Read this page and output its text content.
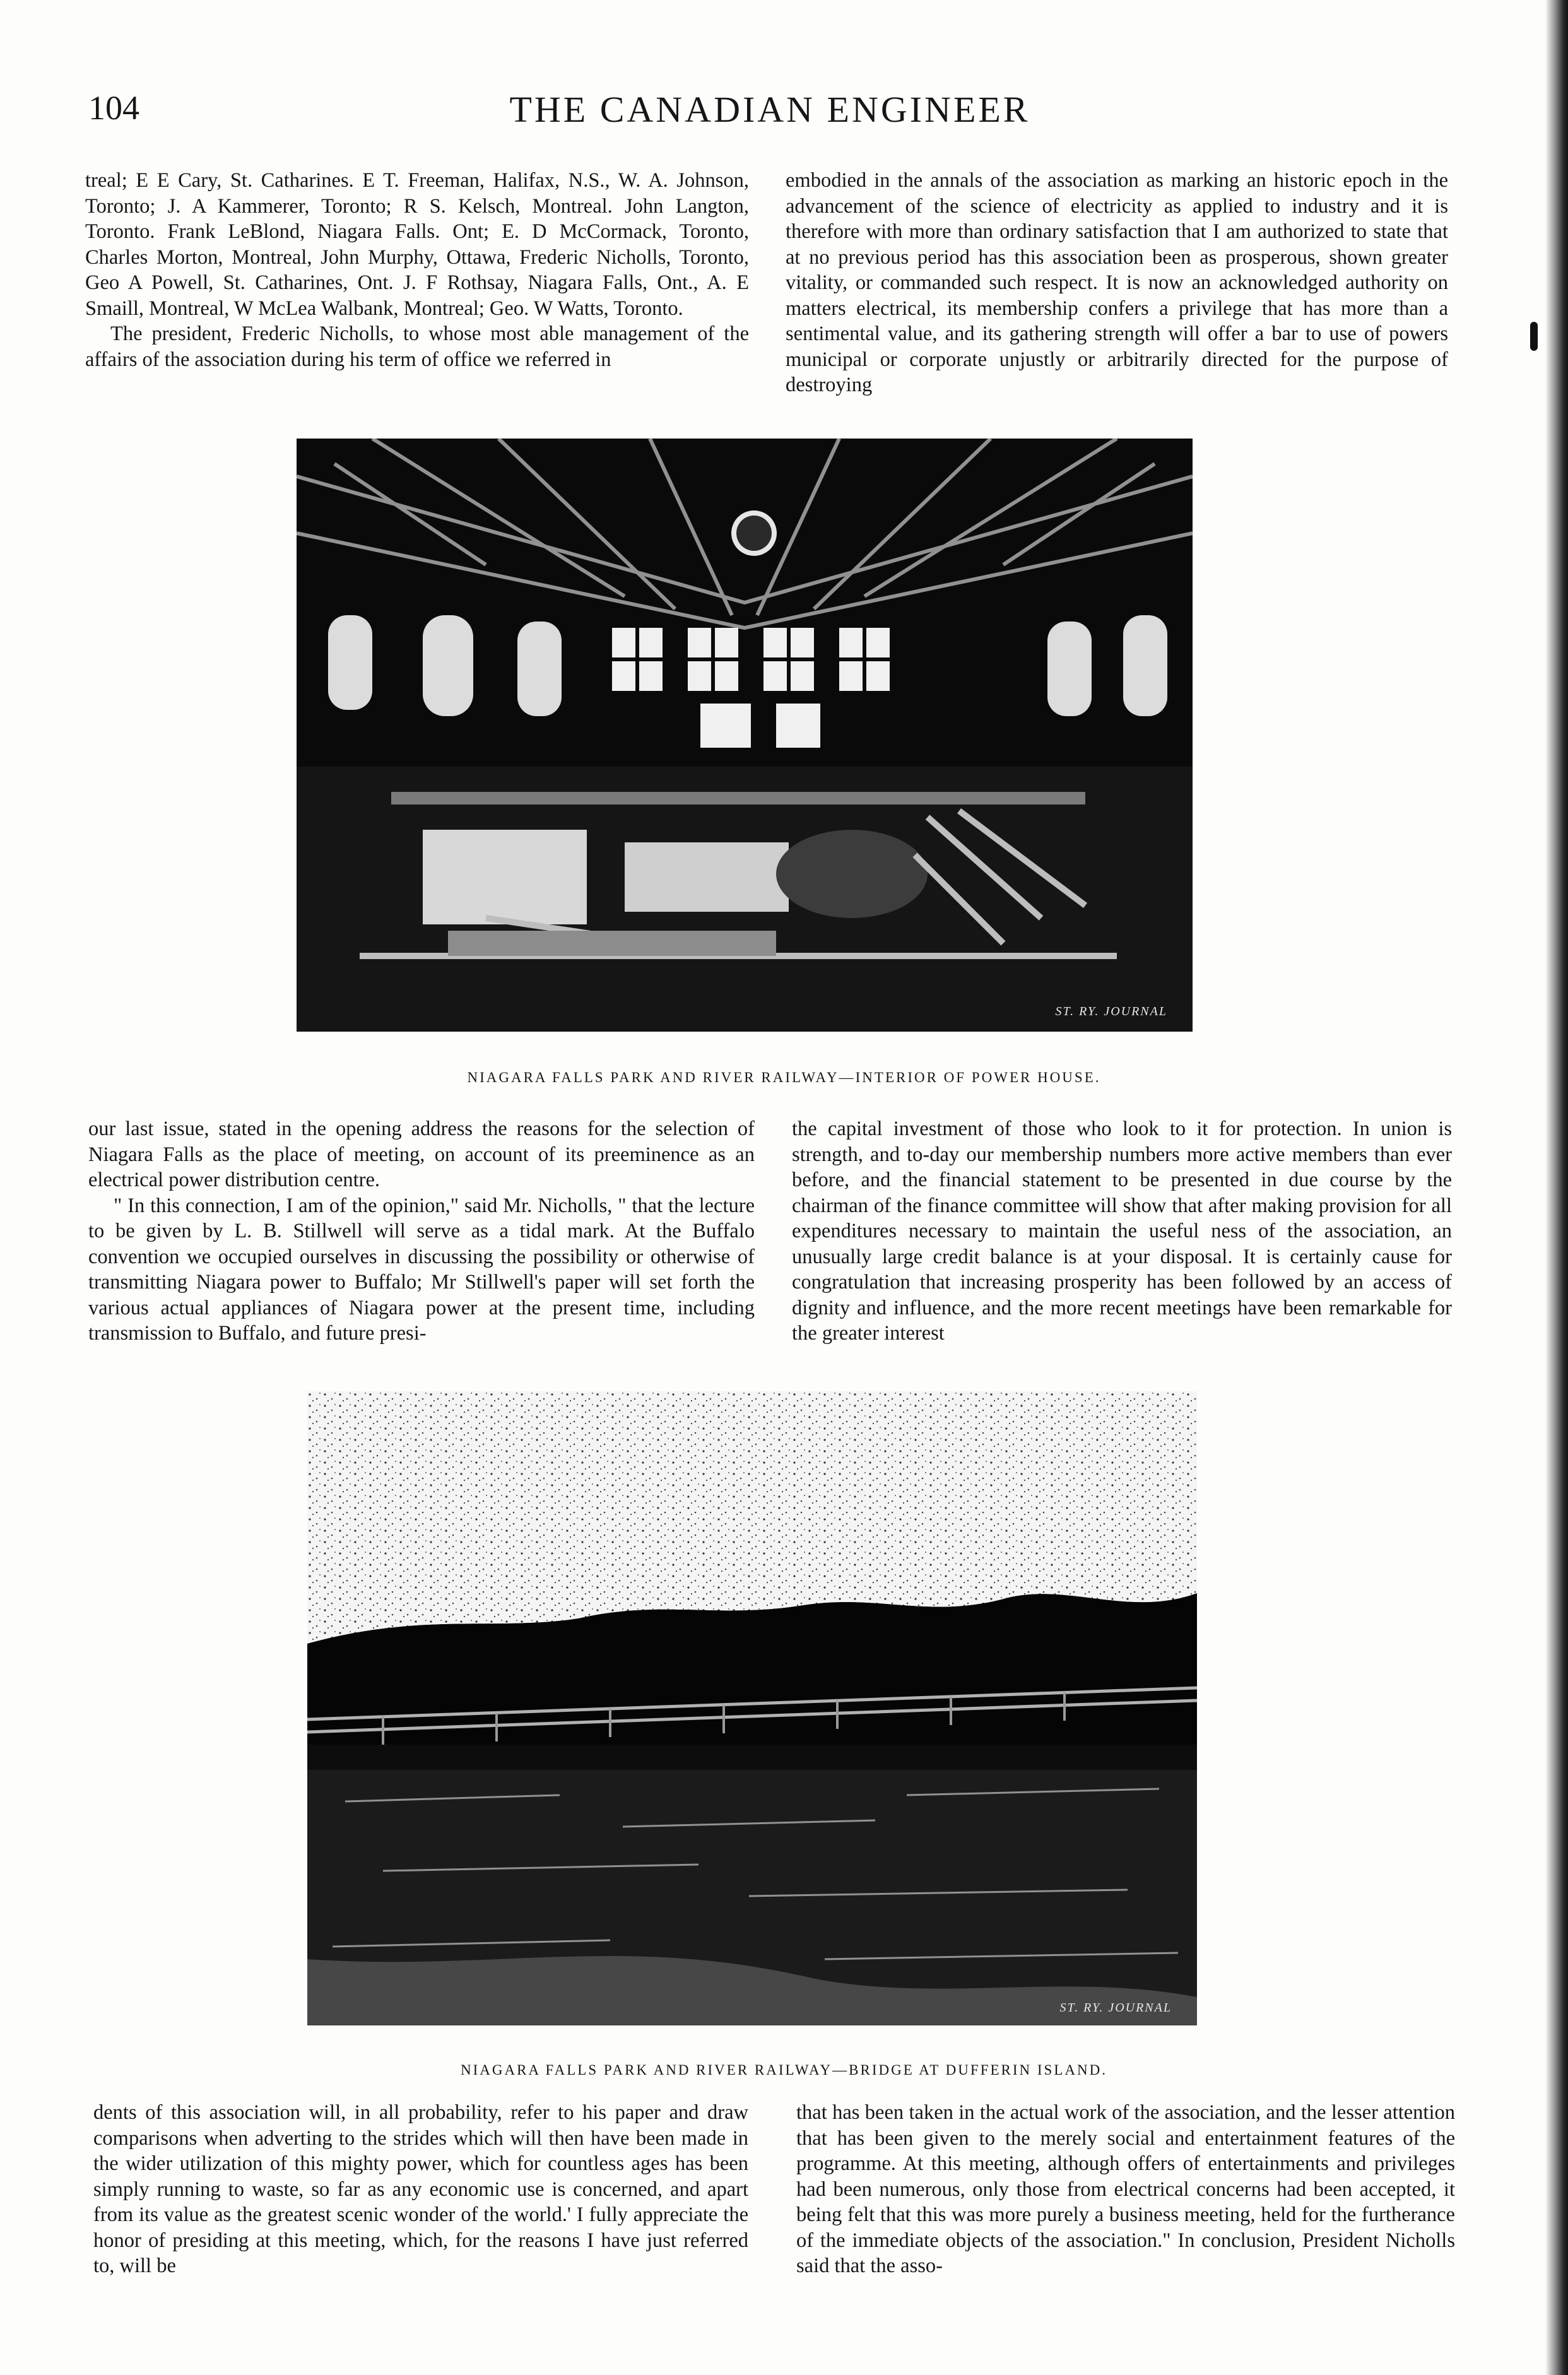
104	THE CANADIAN ENGINEER

treal; E E Cary, St. Catharines. E T. Freeman, Halifax, N.S., W. A. Johnson, Toronto; J. A Kammerer, Toronto; R S. Kelsch, Montreal. John Langton, Toronto. Frank LeBlond, Niagara Falls. Ont; E. D McCormack, Toronto, Charles Morton, Montreal, John Murphy, Ottawa, Frederic Nicholls, Toronto, Geo A Powell, St. Catharines, Ont. J. F Rothsay, Niagara Falls, Ont., A. E Smaill, Montreal, W McLea Walbank, Montreal; Geo. W Watts, Toronto.

The president, Frederic Nicholls, to whose most able management of the affairs of the association during his term of office we referred in

embodied in the annals of the association as marking an historic epoch in the advancement of the science of electricity as applied to industry and it is therefore with more than ordinary satisfaction that I am authorized to state that at no previous period has this association been as prosperous, shown greater vitality, or commanded such respect. It is now an acknowledged authority on matters electrical, its membership confers a privilege that has more than a sentimental value, and its gathering strength will offer a bar to use of powers municipal or corporate unjustly or arbitrarily directed for the purpose of destroying

ST. RY. JOURNAL
NIAGARA FALLS PARK AND RIVER RAILWAY—INTERIOR OF POWER HOUSE.

our last issue, stated in the opening address the reasons for the selection of Niagara Falls as the place of meeting, on account of its preeminence as an electrical power distribution centre.

" In this connection, I am of the opinion," said Mr. Nicholls, " that the lecture to be given by L. B. Stillwell will serve as a tidal mark. At the Buffalo convention we occupied ourselves in discussing the possibility or otherwise of transmitting Niagara power to Buffalo; Mr Stillwell's paper will set forth the various actual appliances of Niagara power at the present time, including transmission to Buffalo, and future presi-

the capital investment of those who look to it for protection. In union is strength, and to-day our membership numbers more active members than ever before, and the financial statement to be presented in due course by the chairman of the finance committee will show that after making provision for all expenditures necessary to maintain the useful ness of the association, an unusually large credit balance is at your disposal. It is certainly cause for congratulation that increasing prosperity has been followed by an access of dignity and influence, and the more recent meetings have been remarkable for the greater interest

ST. RY. JOURNAL
NIAGARA FALLS PARK AND RIVER RAILWAY—BRIDGE AT DUFFERIN ISLAND.

dents of this association will, in all probability, refer to his paper and draw comparisons when adverting to the strides which will then have been made in the wider utilization of this mighty power, which for countless ages has been simply running to waste, so far as any economic use is concerned, and apart from its value as the greatest scenic wonder of the world.' I fully appreciate the honor of presiding at this meeting, which, for the reasons I have just referred to, will be

that has been taken in the actual work of the association, and the lesser attention that has been given to the merely social and entertainment features of the programme. At this meeting, although offers of entertainments and privileges had been numerous, only those from electrical concerns had been accepted, it being felt that this was more purely a business meeting, held for the furtherance of the immediate objects of the association." In conclusion, President Nicholls said that the asso-
